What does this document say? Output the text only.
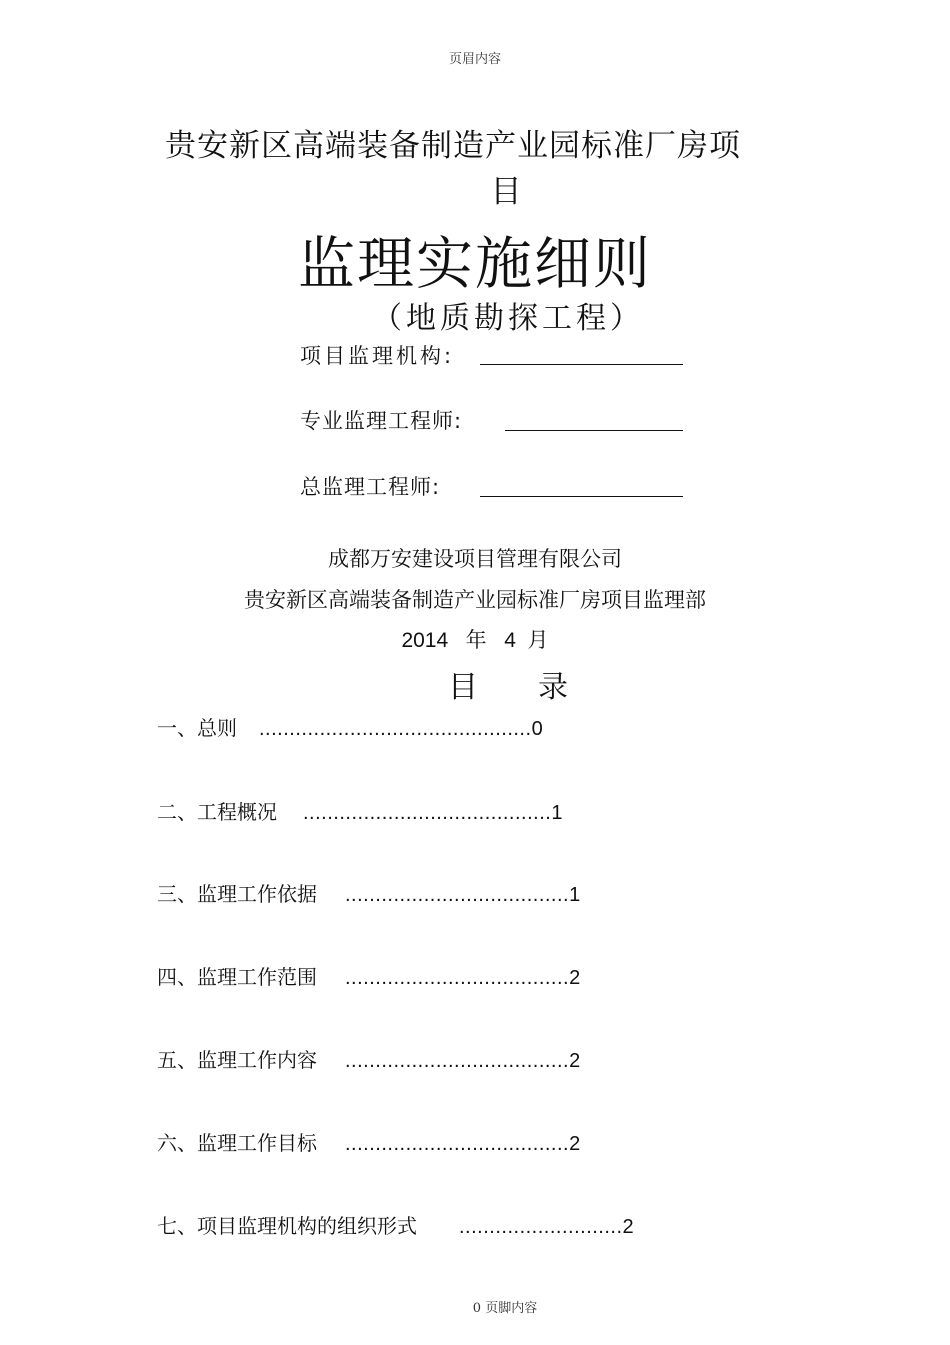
页眉内容
贵安新区高端装备制造产业园标准厂房项
目
监理实施细则
（地质勘探工程）
项目监理机构:
专业监理工程师:
总监理工程师:
成都万安建设项目管理有限公司
贵安新区高端装备制造产业园标准厂房项目监理部
2014 年 4 月
目 录
一、总则 .............................................0
二、工程概况 .........................................1
三、监理工作依据 .....................................1
四、监理工作范围 .....................................2
五、监理工作内容 .....................................2
六、监理工作目标 .....................................2
七、项目监理机构的组织形式 ...........................2
0 页脚内容
